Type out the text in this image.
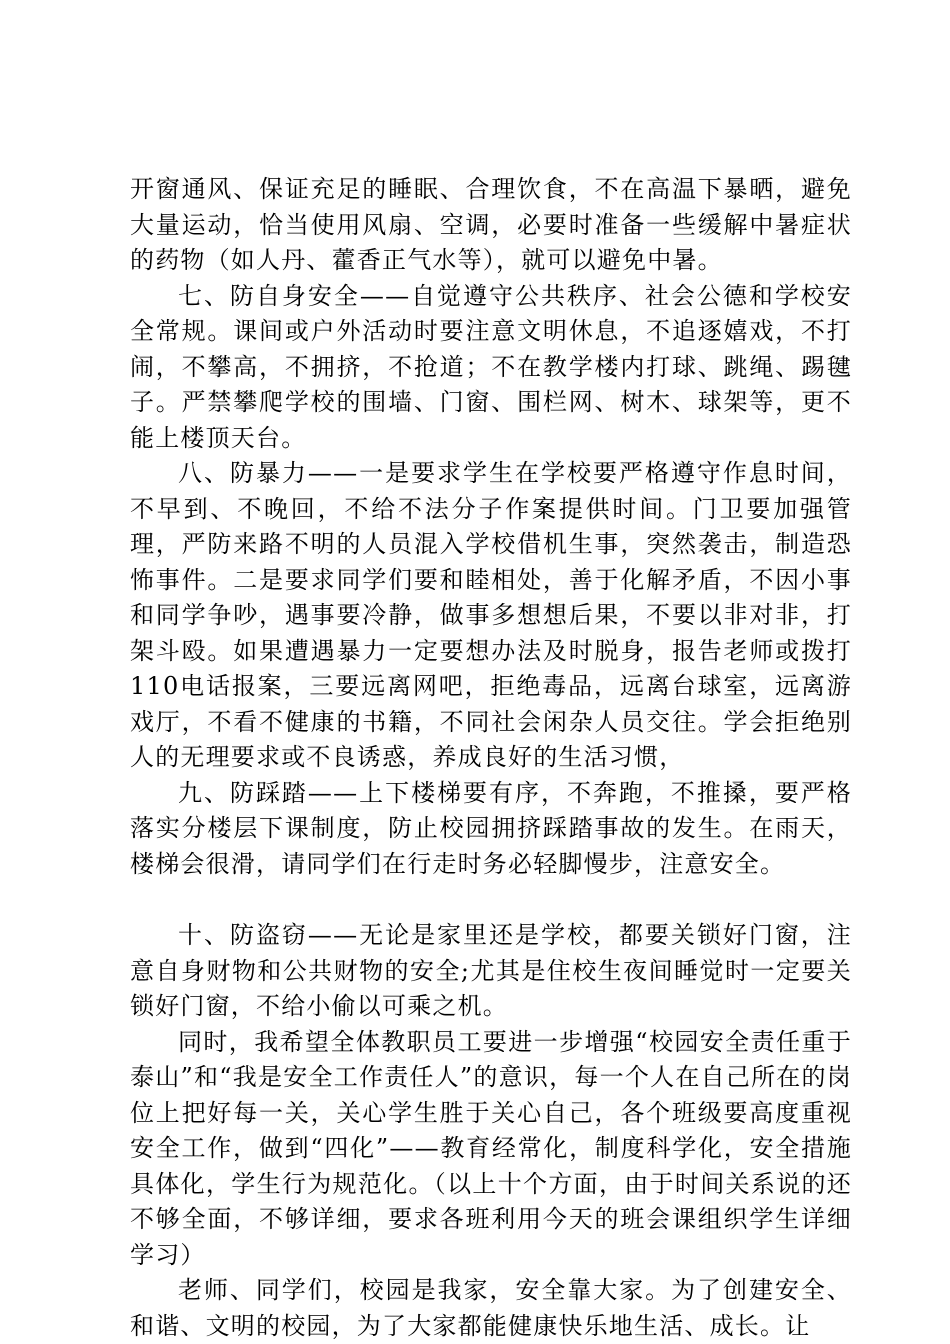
开窗通风、保证充足的睡眠、合理饮食，不在高温下暴晒，避免大量运动，恰当使用风扇、空调，必要时准备一些缓解中暑症状的药物（如人丹、藿香正气水等），就可以避免中暑。

七、防自身安全——自觉遵守公共秩序、社会公德和学校安全常规。课间或户外活动时要注意文明休息，不追逐嬉戏，不打闹，不攀高，不拥挤，不抢道；不在教学楼内打球、跳绳、踢毽子。严禁攀爬学校的围墙、门窗、围栏网、树木、球架等，更不能上楼顶天台。

八、防暴力——一是要求学生在学校要严格遵守作息时间，不早到、不晚回，不给不法分子作案提供时间。门卫要加强管理，严防来路不明的人员混入学校借机生事，突然袭击，制造恐怖事件。二是要求同学们要和睦相处，善于化解矛盾，不因小事和同学争吵，遇事要冷静，做事多想想后果，不要以非对非，打架斗殴。如果遭遇暴力一定要想办法及时脱身，报告老师或拨打110电话报案，三要远离网吧，拒绝毒品，远离台球室，远离游戏厅，不看不健康的书籍，不同社会闲杂人员交往。学会拒绝别人的无理要求或不良诱惑，养成良好的生活习惯，

九、防踩踏——上下楼梯要有序，不奔跑，不推搡，要严格落实分楼层下课制度，防止校园拥挤踩踏事故的发生。在雨天，楼梯会很滑，请同学们在行走时务必轻脚慢步，注意安全。

十、防盗窃——无论是家里还是学校，都要关锁好门窗，注意自身财物和公共财物的安全;尤其是住校生夜间睡觉时一定要关锁好门窗，不给小偷以可乘之机。

同时，我希望全体教职员工要进一步增强“校园安全责任重于泰山”和“我是安全工作责任人”的意识，每一个人在自己所在的岗位上把好每一关，关心学生胜于关心自己，各个班级要高度重视安全工作，做到“四化”——教育经常化，制度科学化，安全措施具体化，学生行为规范化。（以上十个方面，由于时间关系说的还不够全面，不够详细，要求各班利用今天的班会课组织学生详细学习）

老师、同学们，校园是我家，安全靠大家。为了创建安全、和谐、文明的校园，为了大家都能健康快乐地生活、成长。让
